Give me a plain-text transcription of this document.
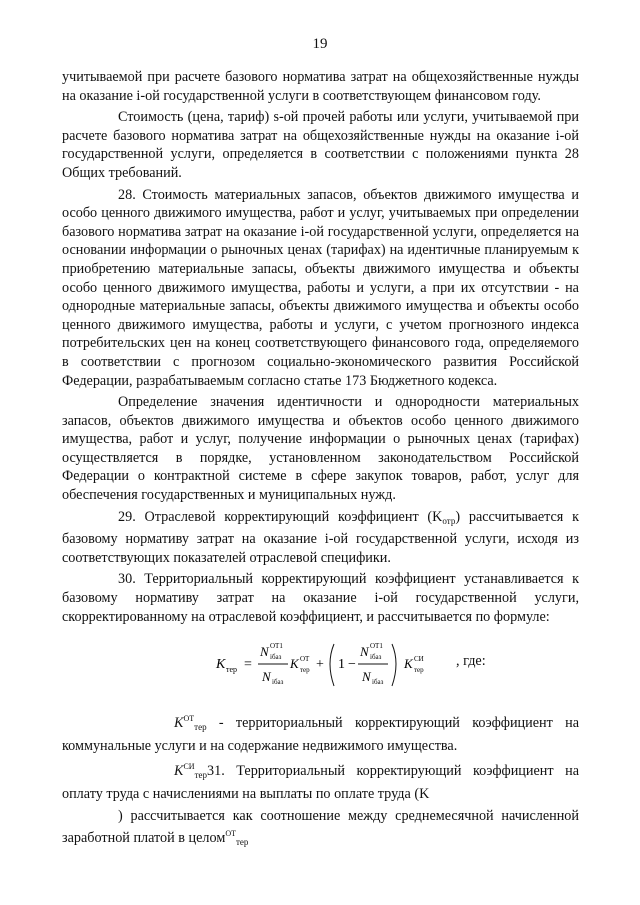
19

учитываемой при расчете базового норматива затрат на общехозяйственные нужды на оказание i-ой государственной услуги в соответствующем финансовом году.

Стоимость (цена, тариф) s-ой прочей работы или услуги, учитываемой при расчете базового норматива затрат на общехозяйственные нужды на оказание i-ой государственной услуги, определяется в соответствии с положениями пункта 28 Общих требований.

28. Стоимость материальных запасов, объектов движимого имущества и особо ценного движимого имущества, работ и услуг, учитываемых при определении базового норматива затрат на оказание i-ой государственной услуги, определяется на основании информации о рыночных ценах (тарифах) на идентичные планируемым к приобретению материальные запасы, объекты движимого имущества и объекты особо ценного движимого имущества, работы и услуги, а при их отсутствии - на однородные материальные запасы, объекты движимого имущества и объекты особо ценного движимого имущества, работы и услуги, с учетом прогнозного индекса потребительских цен на конец соответствующего финансового года, определяемого в соответствии с прогнозом социально-экономического развития Российской Федерации, разрабатываемым согласно статье 173 Бюджетного кодекса.

Определение значения идентичности и однородности материальных запасов, объектов движимого имущества и объектов особо ценного движимого имущества, работ и услуг, получение информации о рыночных ценах (тарифах) осуществляется в порядке, установленном законодательством Российской Федерации о контрактной системе в сфере закупок товаров, работ, услуг для обеспечения государственных и муниципальных нужд.

29. Отраслевой корректирующий коэффициент $(K_{отр})$ рассчитывается к базовому нормативу затрат на оказание i-ой государственной услуги, исходя из соответствующих показателей отраслевой специфики.

30. Территориальный корректирующий коэффициент устанавливается к базовому нормативу затрат на оказание i-ой государственной услуги, скорректированному на отраслевой коэффициент, и рассчитывается по формуле:

K тер =
N ОТ1
iбаз
N iбаз
K ОТ
тер + 1 −
N ОТ1
iбаз
N iбаз
K СИ
тер
, где:

$K^{ОТ}_{тер}$ - территориальный корректирующий коэффициент на коммунальные услуги и на содержание недвижимого имущества.

$K^{СИ}_{тер}31$. Территориальный корректирующий коэффициент на оплату труда с начислениями на выплаты по оплате труда (K

) рассчитывается как соотношение между среднемесячной начисленной заработной платой в целом$^{ОТ}_{тер}$
